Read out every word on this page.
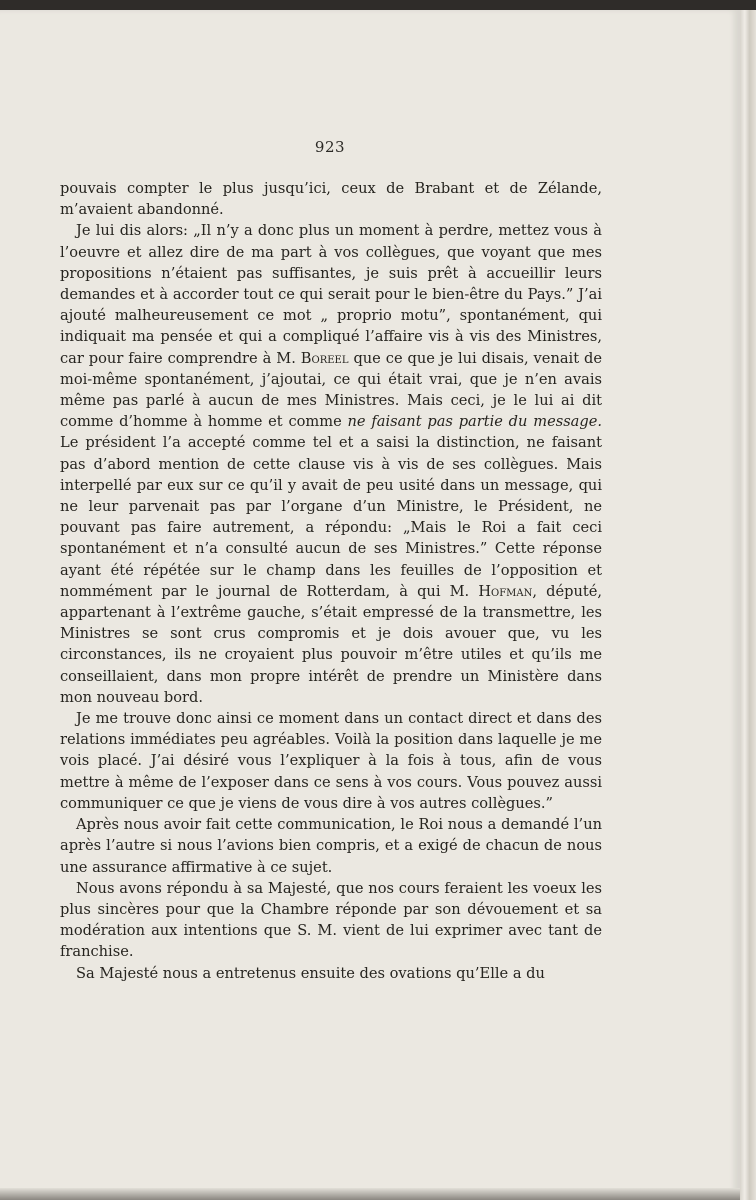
923

pouvais compter le plus jusqu’ici, ceux de Brabant et de Zélande, m’avaient abandonné.

Je lui dis alors: „Il n’y a donc plus un moment à perdre, mettez vous à l’oeuvre et allez dire de ma part à vos collègues, que voyant que mes propositions n’étaient pas suffisantes, je suis prêt à accueillir leurs demandes et à accorder tout ce qui serait pour le bien-être du Pays.” J’ai ajouté malheureusement ce mot „ proprio motu”, spontanément, qui indiquait ma pensée et qui a compliqué l’affaire vis à vis des Ministres, car pour faire comprendre à M. Boreel que ce que je lui disais, venait de moi-même spontanément, j’ajoutai, ce qui était vrai, que je n’en avais même pas parlé à aucun de mes Ministres. Mais ceci, je le lui ai dit comme d’homme à homme et comme ne faisant pas partie du message. Le président l’a accepté comme tel et a saisi la distinction, ne faisant pas d’abord mention de cette clause vis à vis de ses collègues. Mais interpellé par eux sur ce qu’il y avait de peu usité dans un message, qui ne leur parvenait pas par l’organe d’un Ministre, le Président, ne pouvant pas faire autrement, a répondu: „Mais le Roi a fait ceci spontanément et n’a consulté aucun de ses Ministres.” Cette réponse ayant été répétée sur le champ dans les feuilles de l’opposition et nommément par le journal de Rotterdam, à qui M. Hofman, député, appartenant à l’extrême gauche, s’était empressé de la transmettre, les Ministres se sont crus compromis et je dois avouer que, vu les circonstances, ils ne croyaient plus pouvoir m’être utiles et qu’ils me conseillaient, dans mon propre intérêt de prendre un Ministère dans mon nouveau bord.

Je me trouve donc ainsi ce moment dans un contact direct et dans des relations immédiates peu agréables. Voilà la position dans laquelle je me vois placé. J’ai désiré vous l’expliquer à la fois à tous, afin de vous mettre à même de l’exposer dans ce sens à vos cours. Vous pouvez aussi communiquer ce que je viens de vous dire à vos autres collègues.”

Après nous avoir fait cette communication, le Roi nous a demandé l’un après l’autre si nous l’avions bien compris, et a exigé de chacun de nous une assurance affirmative à ce sujet.

Nous avons répondu à sa Majesté, que nos cours feraient les voeux les plus sincères pour que la Chambre réponde par son dévouement et sa modération aux intentions que S. M. vient de lui exprimer avec tant de franchise.

Sa Majesté nous a entretenus ensuite des ovations qu’Elle a du
